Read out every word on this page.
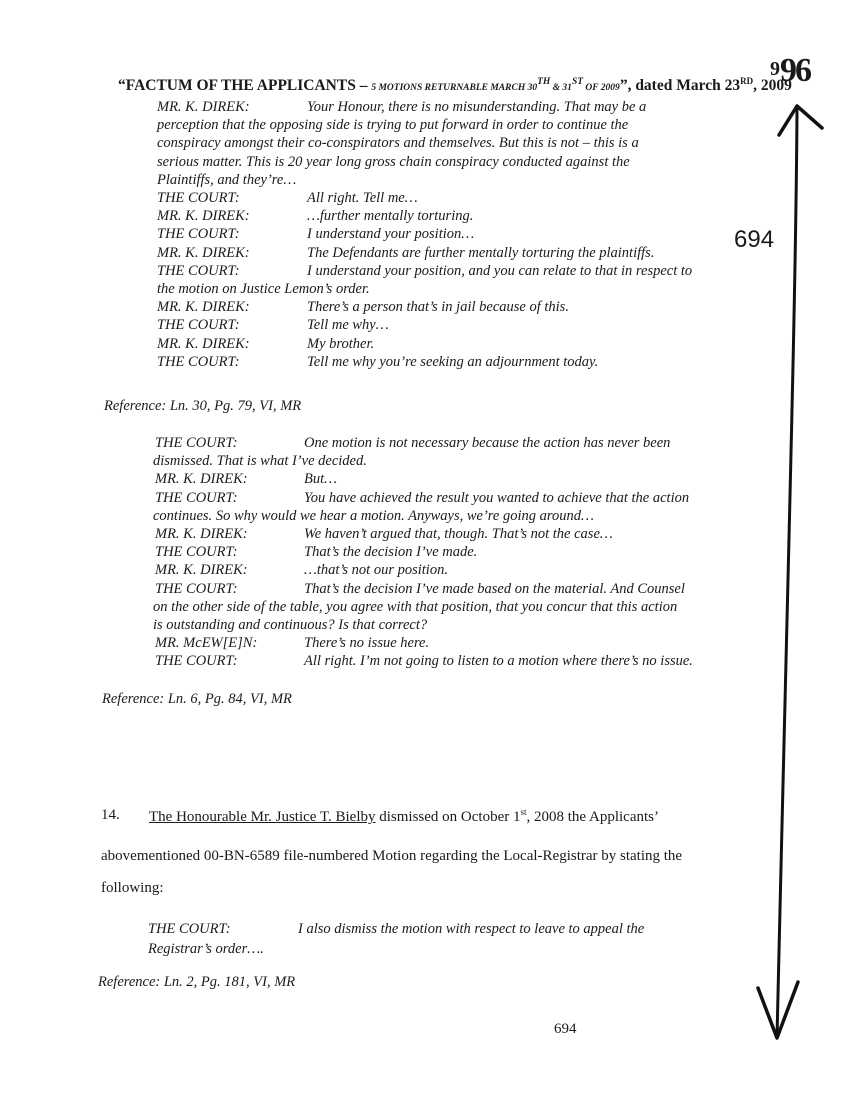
“FACTUM OF THE APPLICANTS – 5 MOTIONS RETURNABLE MARCH 30TH & 31ST OF 2009”, dated March 23RD, 2009
9 96
694
MR. K. DIREK:	Your Honour, there is no misunderstanding. That may be a
perception that the opposing side is trying to put forward in order to continue the
conspiracy amongst their co-conspirators and themselves. But this is not – this is a
serious matter. This is 20 year long gross chain conspiracy conducted against the
Plaintiffs, and they’re…
THE COURT:	All right. Tell me…
MR. K. DIREK:	…further mentally torturing.
THE COURT:	I understand your position…
MR. K. DIREK:	The Defendants are further mentally torturing the plaintiffs.
THE COURT:	I understand your position, and you can relate to that in respect to
the motion on Justice Lemon’s order.
MR. K. DIREK:	There’s a person that’s in jail because of this.
THE COURT:	Tell me why…
MR. K. DIREK:	My brother.
THE COURT:	Tell me why you’re seeking an adjournment today.
Reference: Ln. 30, Pg. 79, VI, MR
THE COURT:	One motion is not necessary because the action has never been
dismissed. That is what I’ve decided.
MR. K. DIREK:	But…
THE COURT:	You have achieved the result you wanted to achieve that the action
continues. So why would we hear a motion. Anyways, we’re going around…
MR. K. DIREK:	We haven’t argued that, though. That’s not the case…
THE COURT:	That’s the decision I’ve made.
MR. K. DIREK:	…that’s not our position.
THE COURT:	That’s the decision I’ve made based on the material. And Counsel
on the other side of the table, you agree with that position, that you concur that this action
is outstanding and continuous? Is that correct?
MR. McEW[E]N:	There’s no issue here.
THE COURT:	All right. I’m not going to listen to a motion where there’s no issue.
Reference: Ln. 6, Pg. 84, VI, MR
14. The Honourable Mr. Justice T. Bielby dismissed on October 1st, 2008 the Applicants’
abovementioned 00-BN-6589 file-numbered Motion regarding the Local-Registrar by stating the
following:
THE COURT:	I also dismiss the motion with respect to leave to appeal the
Registrar’s order….
Reference: Ln. 2, Pg. 181, VI, MR
694
